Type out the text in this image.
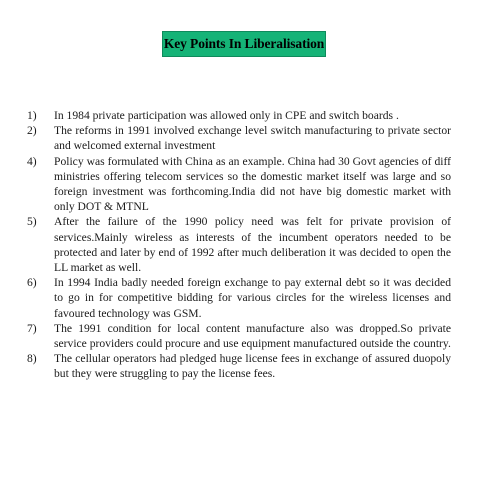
Key Points In Liberalisation
1)	In 1984 private participation was allowed only in CPE and switch boards .
2)	The reforms in 1991 involved exchange level switch manufacturing to private sector and welcomed external investment
4)	Policy was formulated with China as an example. China had 30 Govt agencies of diff ministries offering telecom services so the domestic market itself was large and so foreign investment was forthcoming.India did not have big domestic market with only DOT & MTNL
5)	After the failure of the 1990 policy need was felt for private provision of services.Mainly wireless as interests of the incumbent operators needed to be protected and later by end of 1992 after much deliberation it was decided to open the LL market as well.
6)	In 1994 India badly needed foreign exchange to pay external debt so it was decided to go in for competitive bidding for various circles for the wireless licenses and favoured technology was GSM.
7)	The 1991 condition for local content manufacture also was dropped.So private service providers could procure and use equipment manufactured outside the country.
8)	The cellular operators had pledged huge license fees in exchange of assured duopoly but they were struggling to pay the license fees.
